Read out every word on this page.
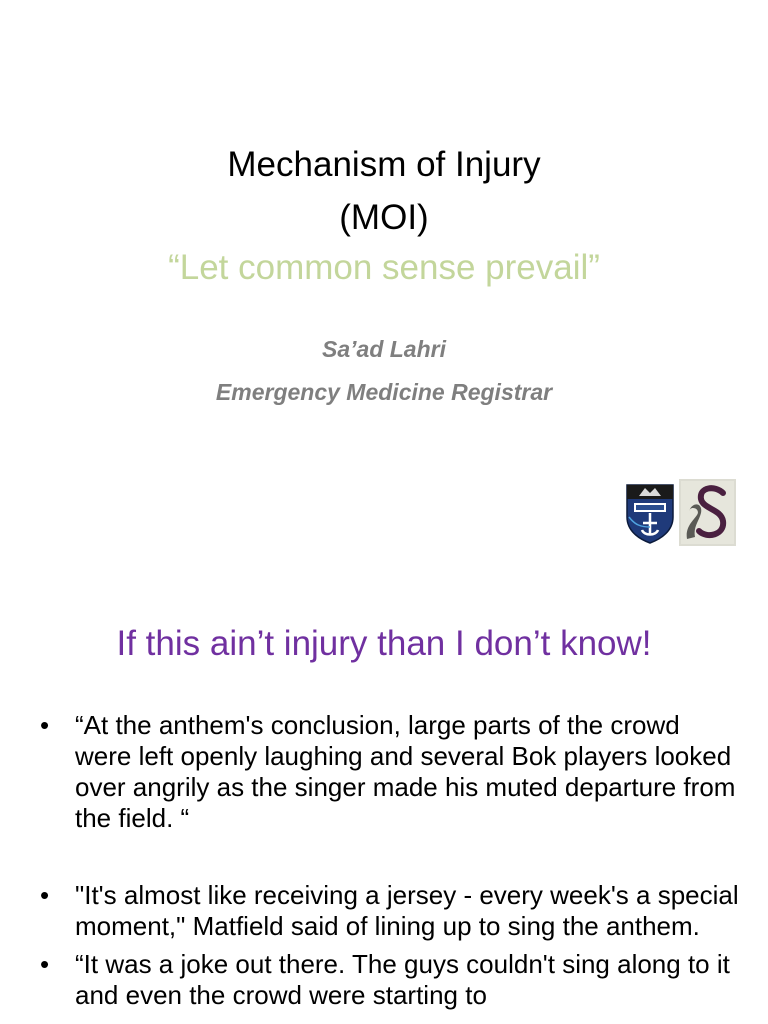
Mechanism of Injury
(MOI)
“Let common sense prevail”
Sa’ad Lahri
Emergency Medicine Registrar
If this ain’t injury than I don’t know!
• “At the anthem's conclusion, large parts of the crowd were left openly laughing and several Bok players looked over angrily as the singer made his muted departure from the field. “
• "It's almost like receiving a jersey - every week's a special moment," Matfield said of lining up to sing the anthem.
• “It was a joke out there. The guys couldn't sing along to it and even the crowd were starting to
